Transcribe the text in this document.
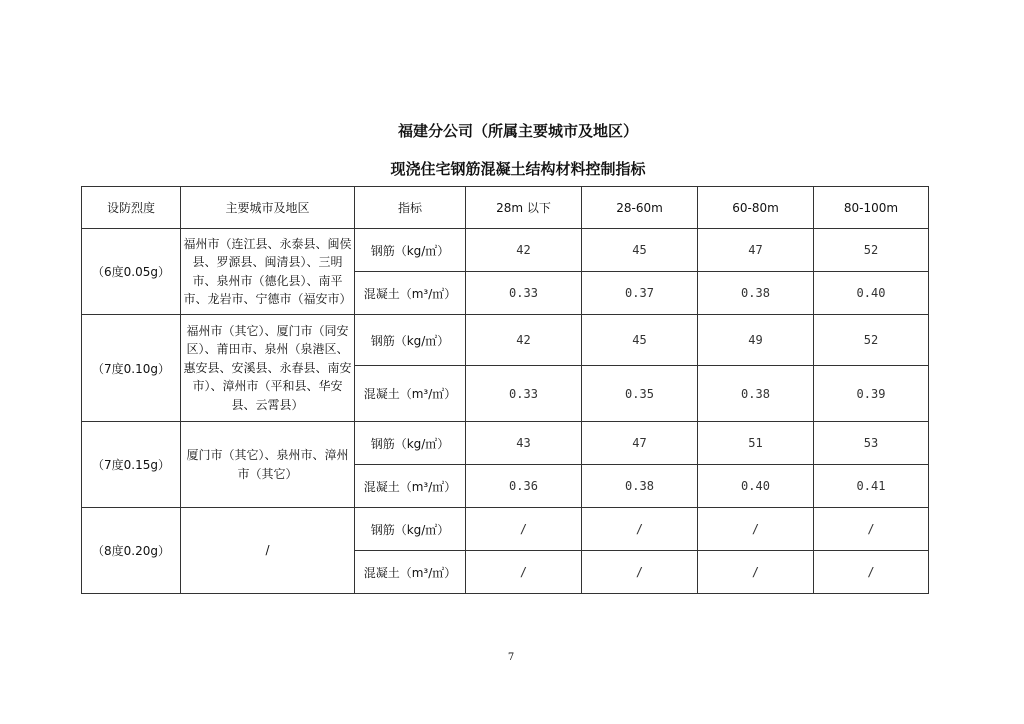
福建分公司（所属主要城市及地区）
现浇住宅钢筋混凝土结构材料控制指标
设防烈度	主要城市及地区	指标	28m 以下	28-60m	60-80m	80-100m
（6度0.05g）	福州市（连江县、永泰县、闽侯县、罗源县、闽清县）、三明市、泉州市（德化县）、南平市、龙岩市、宁德市（福安市）	钢筋（kg/㎡）	42	45	47	52
		混凝土（m³/㎡）	0.33	0.37	0.38	0.40
（7度0.10g）	福州市（其它）、厦门市（同安区）、莆田市、泉州（泉港区、惠安县、安溪县、永春县、南安市）、漳州市（平和县、华安县、云霄县）	钢筋（kg/㎡）	42	45	49	52
		混凝土（m³/㎡）	0.33	0.35	0.38	0.39
（7度0.15g）	厦门市（其它）、泉州市、漳州市（其它）	钢筋（kg/㎡）	43	47	51	53
		混凝土（m³/㎡）	0.36	0.38	0.40	0.41
（8度0.20g）	/	钢筋（kg/㎡）	/	/	/	/
		混凝土（m³/㎡）	/	/	/	/
7
